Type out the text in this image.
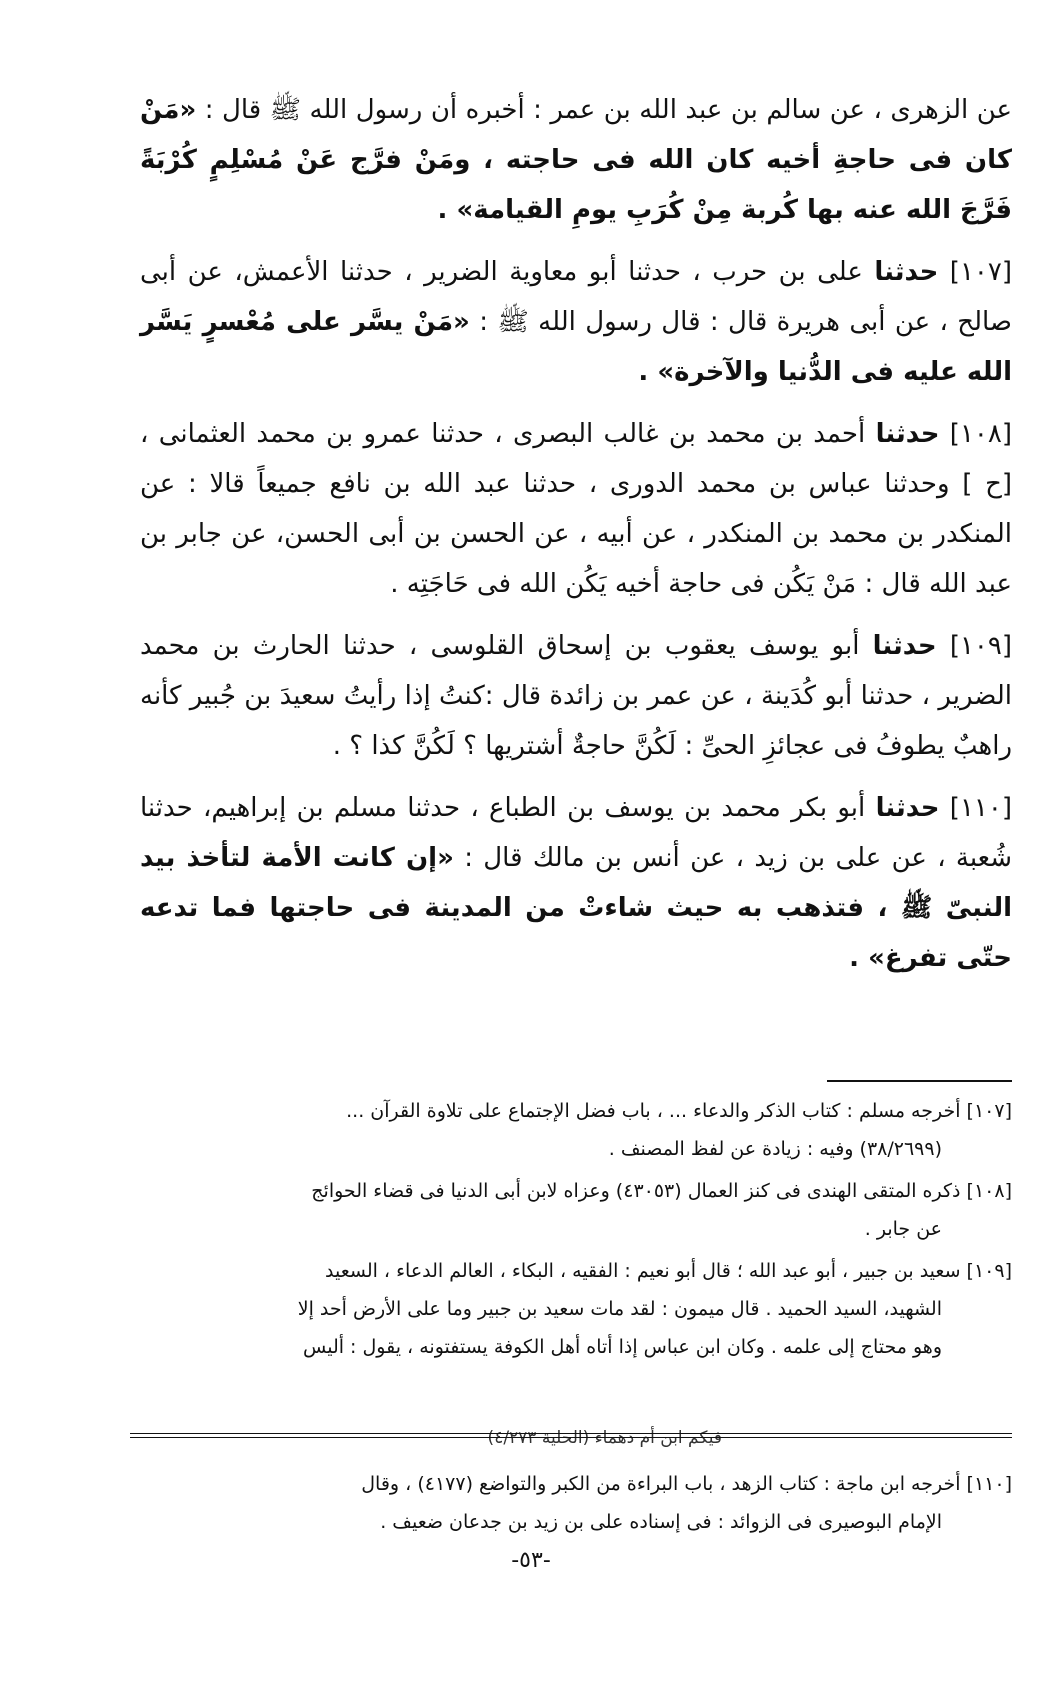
عن الزهرى ، عن سالم بن عبد الله بن عمر : أخبره أن رسول الله ﷺ قال : «مَنْ كان فى حاجةِ أخيه كان الله فى حاجته ، ومَنْ فرَّج عَنْ مُسْلِمٍ كُرْبَةً فَرَّجَ الله عنه بها كُربة مِنْ كُرَبِ يومِ القيامة» .

[١٠٧] حدثنا على بن حرب ، حدثنا أبو معاوية الضرير ، حدثنا الأعمش، عن أبى صالح ، عن أبى هريرة قال : قال رسول الله ﷺ : «مَنْ يسَّر على مُعْسرٍ يَسَّر الله عليه فى الدُّنيا والآخرة» .

[١٠٨] حدثنا أحمد بن محمد بن غالب البصرى ، حدثنا عمرو بن محمد العثمانى ، [ح ] وحدثنا عباس بن محمد الدورى ، حدثنا عبد الله بن نافع جميعاً قالا : عن المنكدر بن محمد بن المنكدر ، عن أبيه ، عن الحسن بن أبى الحسن، عن جابر بن عبد الله قال : مَنْ يَكُن فى حاجة أخيه يَكُن الله فى حَاجَتِه .

[١٠٩] حدثنا أبو يوسف يعقوب بن إسحاق القلوسى ، حدثنا الحارث بن محمد الضرير ، حدثنا أبو كُدَينة ، عن عمر بن زائدة قال :كنتُ إذا رأيتُ سعيدَ بن جُبير كأنه راهبٌ يطوفُ فى عجائزِ الحىِّ : لَكُنَّ حاجةٌ أشتريها ؟ لَكُنَّ كذا ؟ .

[١١٠] حدثنا أبو بكر محمد بن يوسف بن الطباع ، حدثنا مسلم بن إبراهيم، حدثنا شُعبة ، عن على بن زيد ، عن أنس بن مالك قال : «إن كانت الأمة لتأخذ بيد النبىّ ﷺ ، فتذهب به حيث شاءتْ من المدينة فى حاجتها فما تدعه حتّى تفرغ» .

[١٠٧] أخرجه مسلم : كتاب الذكر والدعاء ... ، باب فضل الإجتماع على تلاوة القرآن ...
(٣٨/٢٦٩٩) وفيه : زيادة عن لفظ المصنف .

[١٠٨] ذكره المتقى الهندى فى كنز العمال (٤٣٠٥٣) وعزاه لابن أبى الدنيا فى قضاء الحوائج
عن جابر .

[١٠٩] سعيد بن جبير ، أبو عبد الله ؛ قال أبو نعيم : الفقيه ، البكاء ، العالم الدعاء ، السعيد
الشهيد، السيد الحميد . قال ميمون : لقد مات سعيد بن جبير وما على الأرض أحد إلا
وهو محتاج إلى علمه . وكان ابن عباس إذا أتاه أهل الكوفة يستفتونه ، يقول : أليس

فيكم ابن أم دهماء (الحلية ٤/٢٧٣)
[١١٠] أخرجه ابن ماجة : كتاب الزهد ، باب البراءة من الكبر والتواضع (٤١٧٧) ، وقال
الإمام البوصيرى فى الزوائد : فى إسناده على بن زيد بن جدعان ضعيف .
-٥٣-
